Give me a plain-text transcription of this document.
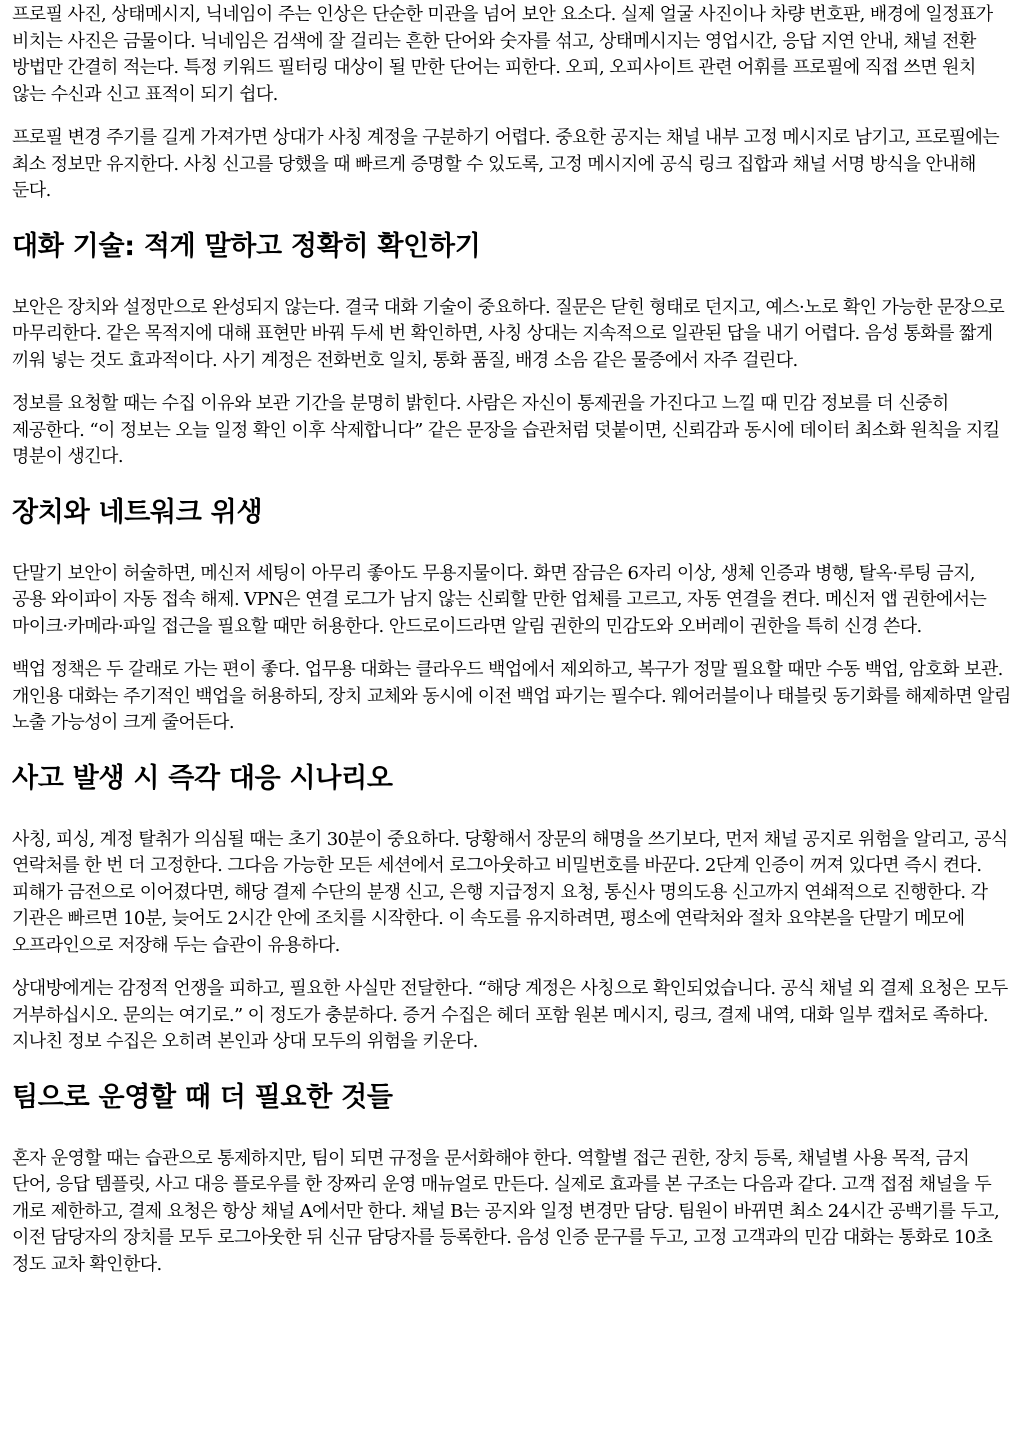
프로필 사진, 상태메시지, 닉네임이 주는 인상은 단순한 미관을 넘어 보안 요소다. 실제 얼굴 사진이나 차량 번호판, 배경에 일정표가 비치는 사진은 금물이다. 닉네임은 검색에 잘 걸리는 흔한 단어와 숫자를 섞고, 상태메시지는 영업시간, 응답 지연 안내, 채널 전환 방법만 간결히 적는다. 특정 키워드 필터링 대상이 될 만한 단어는 피한다. 오피, 오피사이트 관련 어휘를 프로필에 직접 쓰면 원치 않는 수신과 신고 표적이 되기 쉽다.

프로필 변경 주기를 길게 가져가면 상대가 사칭 계정을 구분하기 어렵다. 중요한 공지는 채널 내부 고정 메시지로 남기고, 프로필에는 최소 정보만 유지한다. 사칭 신고를 당했을 때 빠르게 증명할 수 있도록, 고정 메시지에 공식 링크 집합과 채널 서명 방식을 안내해 둔다.

대화 기술: 적게 말하고 정확히 확인하기

보안은 장치와 설정만으로 완성되지 않는다. 결국 대화 기술이 중요하다. 질문은 닫힌 형태로 던지고, 예스·노로 확인 가능한 문장으로 마무리한다. 같은 목적지에 대해 표현만 바꿔 두세 번 확인하면, 사칭 상대는 지속적으로 일관된 답을 내기 어렵다. 음성 통화를 짧게 끼워 넣는 것도 효과적이다. 사기 계정은 전화번호 일치, 통화 품질, 배경 소음 같은 물증에서 자주 걸린다.

정보를 요청할 때는 수집 이유와 보관 기간을 분명히 밝힌다. 사람은 자신이 통제권을 가진다고 느낄 때 민감 정보를 더 신중히 제공한다. “이 정보는 오늘 일정 확인 이후 삭제합니다” 같은 문장을 습관처럼 덧붙이면, 신뢰감과 동시에 데이터 최소화 원칙을 지킬 명분이 생긴다.

장치와 네트워크 위생

단말기 보안이 허술하면, 메신저 세팅이 아무리 좋아도 무용지물이다. 화면 잠금은 6자리 이상, 생체 인증과 병행, 탈옥·루팅 금지, 공용 와이파이 자동 접속 해제. VPN은 연결 로그가 남지 않는 신뢰할 만한 업체를 고르고, 자동 연결을 켠다. 메신저 앱 권한에서는 마이크·카메라·파일 접근을 필요할 때만 허용한다. 안드로이드라면 알림 권한의 민감도와 오버레이 권한을 특히 신경 쓴다.

백업 정책은 두 갈래로 가는 편이 좋다. 업무용 대화는 클라우드 백업에서 제외하고, 복구가 정말 필요할 때만 수동 백업, 암호화 보관. 개인용 대화는 주기적인 백업을 허용하되, 장치 교체와 동시에 이전 백업 파기는 필수다. 웨어러블이나 태블릿 동기화를 해제하면 알림 노출 가능성이 크게 줄어든다.

사고 발생 시 즉각 대응 시나리오

사칭, 피싱, 계정 탈취가 의심될 때는 초기 30분이 중요하다. 당황해서 장문의 해명을 쓰기보다, 먼저 채널 공지로 위험을 알리고, 공식 연락처를 한 번 더 고정한다. 그다음 가능한 모든 세션에서 로그아웃하고 비밀번호를 바꾼다. 2단계 인증이 꺼져 있다면 즉시 켠다. 피해가 금전으로 이어졌다면, 해당 결제 수단의 분쟁 신고, 은행 지급정지 요청, 통신사 명의도용 신고까지 연쇄적으로 진행한다. 각 기관은 빠르면 10분, 늦어도 2시간 안에 조치를 시작한다. 이 속도를 유지하려면, 평소에 연락처와 절차 요약본을 단말기 메모에 오프라인으로 저장해 두는 습관이 유용하다.

상대방에게는 감정적 언쟁을 피하고, 필요한 사실만 전달한다. “해당 계정은 사칭으로 확인되었습니다. 공식 채널 외 결제 요청은 모두 거부하십시오. 문의는 여기로.” 이 정도가 충분하다. 증거 수집은 헤더 포함 원본 메시지, 링크, 결제 내역, 대화 일부 캡처로 족하다. 지나친 정보 수집은 오히려 본인과 상대 모두의 위험을 키운다.

팀으로 운영할 때 더 필요한 것들

혼자 운영할 때는 습관으로 통제하지만, 팀이 되면 규정을 문서화해야 한다. 역할별 접근 권한, 장치 등록, 채널별 사용 목적, 금지 단어, 응답 템플릿, 사고 대응 플로우를 한 장짜리 운영 매뉴얼로 만든다. 실제로 효과를 본 구조는 다음과 같다. 고객 접점 채널을 두 개로 제한하고, 결제 요청은 항상 채널 A에서만 한다. 채널 B는 공지와 일정 변경만 담당. 팀원이 바뀌면 최소 24시간 공백기를 두고, 이전 담당자의 장치를 모두 로그아웃한 뒤 신규 담당자를 등록한다. 음성 인증 문구를 두고, 고정 고객과의 민감 대화는 통화로 10초 정도 교차 확인한다.
